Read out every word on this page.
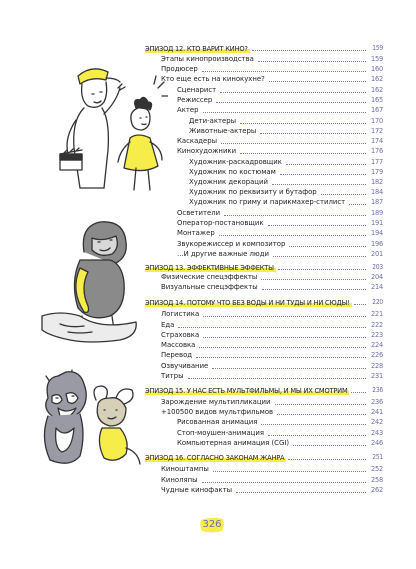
ЭПИЗОД 12. КТО ВАРИТ КИНО?	159
Этапы кинопроизводства	159
Продюсер	160
Кто еще есть на кинокухне?	162
Сценарист	162
Режиссер	165
Актер	167
Дети-актеры	170
Животные-актеры	172
Каскадеры	174
Кинохудожники	176
Художник-раскадровщик	177
Художник по костюмам	179
Художник декораций	182
Художник по реквизиту и бутафор	184
Художник по гриму и парикмахер-стилист	187
Осветители	189
Оператор-постановщик	191
Монтажер	194
Звукорежиссер и композитор	196
...И другие важные люди	201
ЭПИЗОД 13. ЭФФЕКТИВНЫЕ ЭФФЕКТЫ	203
Физические спецэффекты	204
Визуальные спецэффекты	214
ЭПИЗОД 14. ПОТОМУ ЧТО БЕЗ ВОДЫ И НИ ТУДЫ И НИ СЮДЫ!	220
Логистика	221
Еда	222
Страховка	223
Массовка	224
Перевод	226
Озвучивание	228
Титры	231
ЭПИЗОД 15. У НАС ЕСТЬ МУЛЬТФИЛЬМЫ, И МЫ ИХ СМОТРИМ	236
Зарождение мультипликации	236
+100500 видов мультфильмов	241
Рисованная анимация	242
Стоп-моушен-анимация	243
Компьютерная анимация (CGI)	246
ЭПИЗОД 16. СОГЛАСНО ЗАКОНАМ ЖАНРА	251
Киноштампы	252
Киноляпы	258
Чудные кинофакты	262
326
